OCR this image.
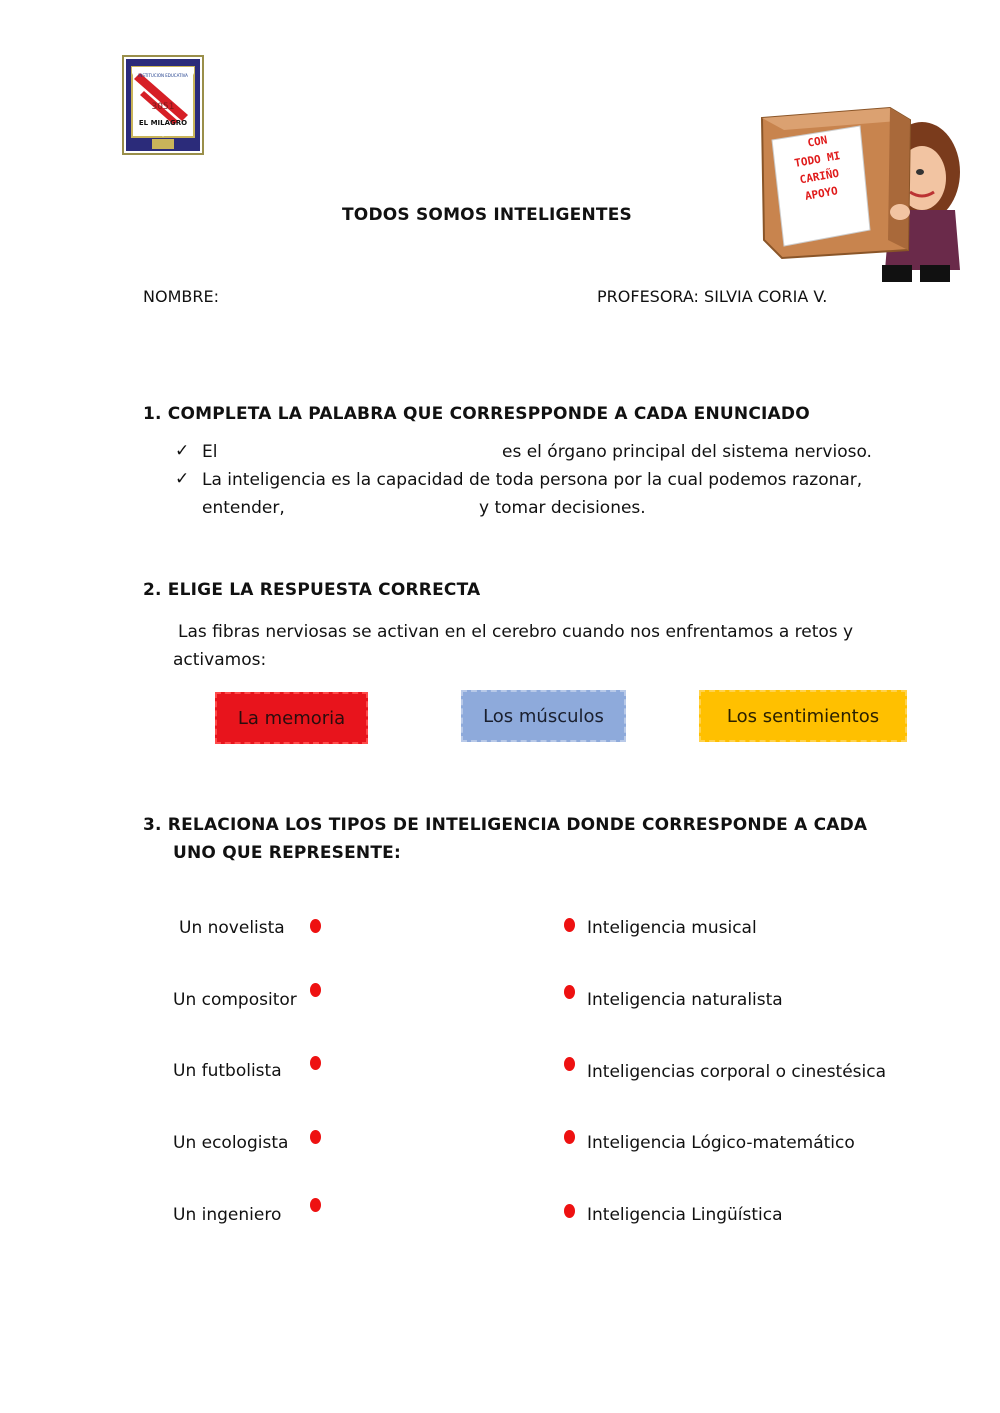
3051
EL MILAGRO
INSTITUCION EDUCATIVA
CON
TODO MI
CARIÑO
APOYO
TODOS SOMOS INTELIGENTES
NOMBRE:	PROFESORA: SILVIA CORIA V.
1. COMPLETA LA PALABRA QUE CORRESPPONDE A CADA ENUNCIADO
✓ El	es el órgano principal del sistema nervioso.
✓ La inteligencia es la capacidad de toda persona por la cual podemos razonar,
entender,	y tomar decisiones.
2. ELIGE LA RESPUESTA CORRECTA
Las fibras nerviosas se activan en el cerebro cuando nos enfrentamos a retos y
activamos:
La memoria	Los músculos	Los sentimientos
3. RELACIONA LOS TIPOS DE INTELIGENCIA DONDE CORRESPONDE A CADA
UNO QUE REPRESENTE:
Un novelista
Un compositor
Un futbolista
Un ecologista
Un ingeniero
Inteligencia musical
Inteligencia naturalista
Inteligencias corporal o cinestésica
Inteligencia Lógico-matemático
Inteligencia Lingüística
